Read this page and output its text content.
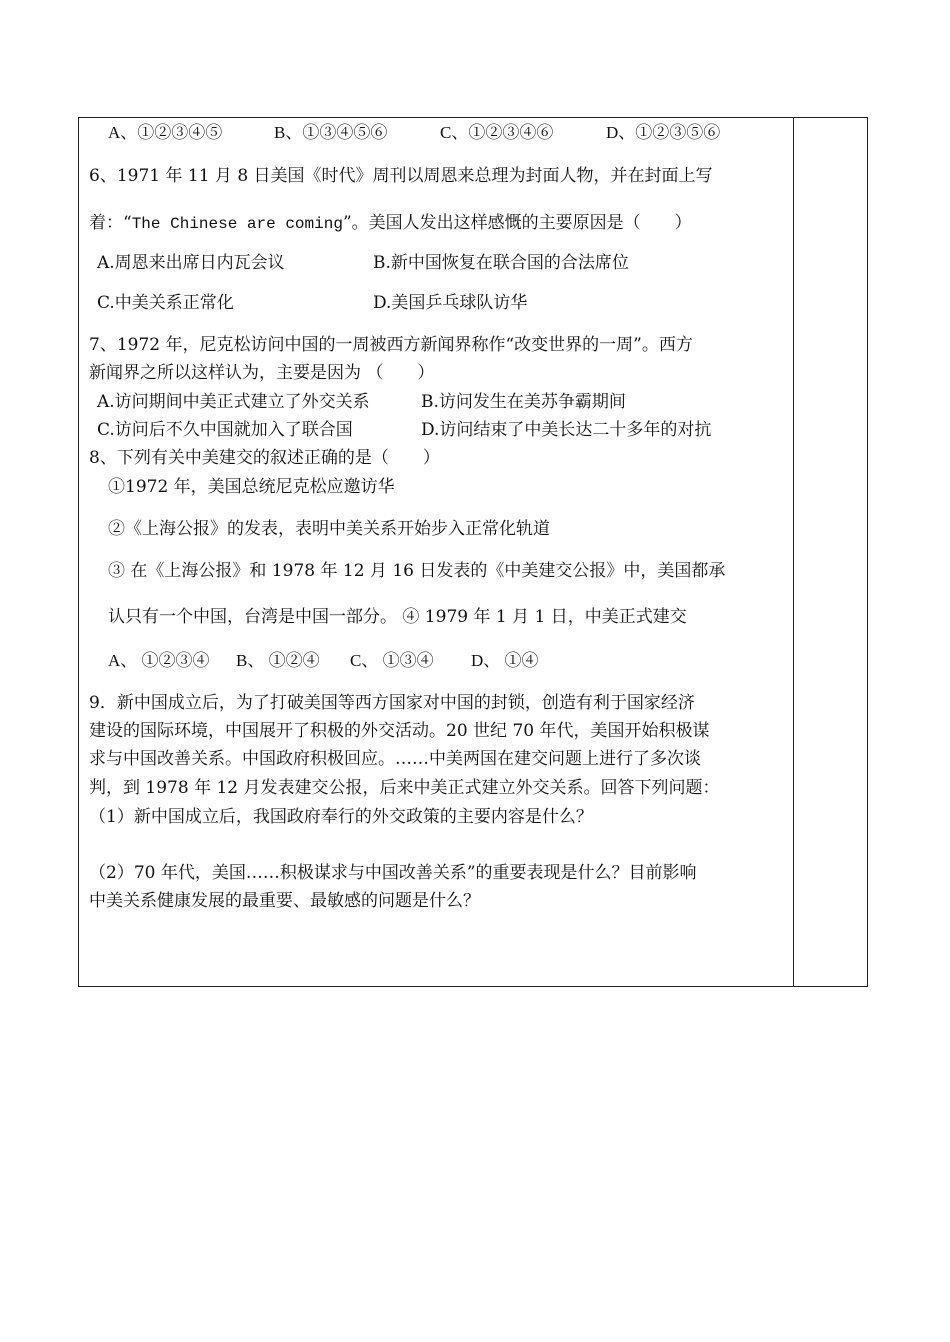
A、①②③④⑤	B、①③④⑤⑥	C、①②③④⑥	D、①②③⑤⑥
6、1971 年 11 月 8 日美国《时代》周刊以周恩来总理为封面人物，并在封面上写
着：“The Chinese are coming”。美国人发出这样感慨的主要原因是（　　）
A.周恩来出席日内瓦会议	B.新中国恢复在联合国的合法席位
C.中美关系正常化	D.美国乒乓球队访华
7、1972 年，尼克松访问中国的一周被西方新闻界称作“改变世界的一周”。西方
新闻界之所以这样认为，主要是因为 （　　）
A.访问期间中美正式建立了外交关系	B.访问发生在美苏争霸期间
C.访问后不久中国就加入了联合国	D.访问结束了中美长达二十多年的对抗
8、下列有关中美建交的叙述正确的是（　　）
①1972 年，美国总统尼克松应邀访华
②《上海公报》的发表，表明中美关系开始步入正常化轨道
③ 在《上海公报》和 1978 年 12 月 16 日发表的《中美建交公报》中，美国都承
认只有一个中国，台湾是中国一部分。 ④ 1979 年 1 月 1 日，中美正式建交
A、 ①②③④ B、 ①②④ C、 ①③④ D、 ①④
9．新中国成立后，为了打破美国等西方国家对中国的封锁，创造有利于国家经济
建设的国际环境，中国展开了积极的外交活动。20 世纪 70 年代，美国开始积极谋
求与中国改善关系。中国政府积极回应。……中美两国在建交问题上进行了多次谈
判，到 1978 年 12 月发表建交公报，后来中美正式建立外交关系。回答下列问题：
（1）新中国成立后，我国政府奉行的外交政策的主要内容是什么？
（2）70 年代，美国……积极谋求与中国改善关系”的重要表现是什么？目前影响
中美关系健康发展的最重要、最敏感的问题是什么？
